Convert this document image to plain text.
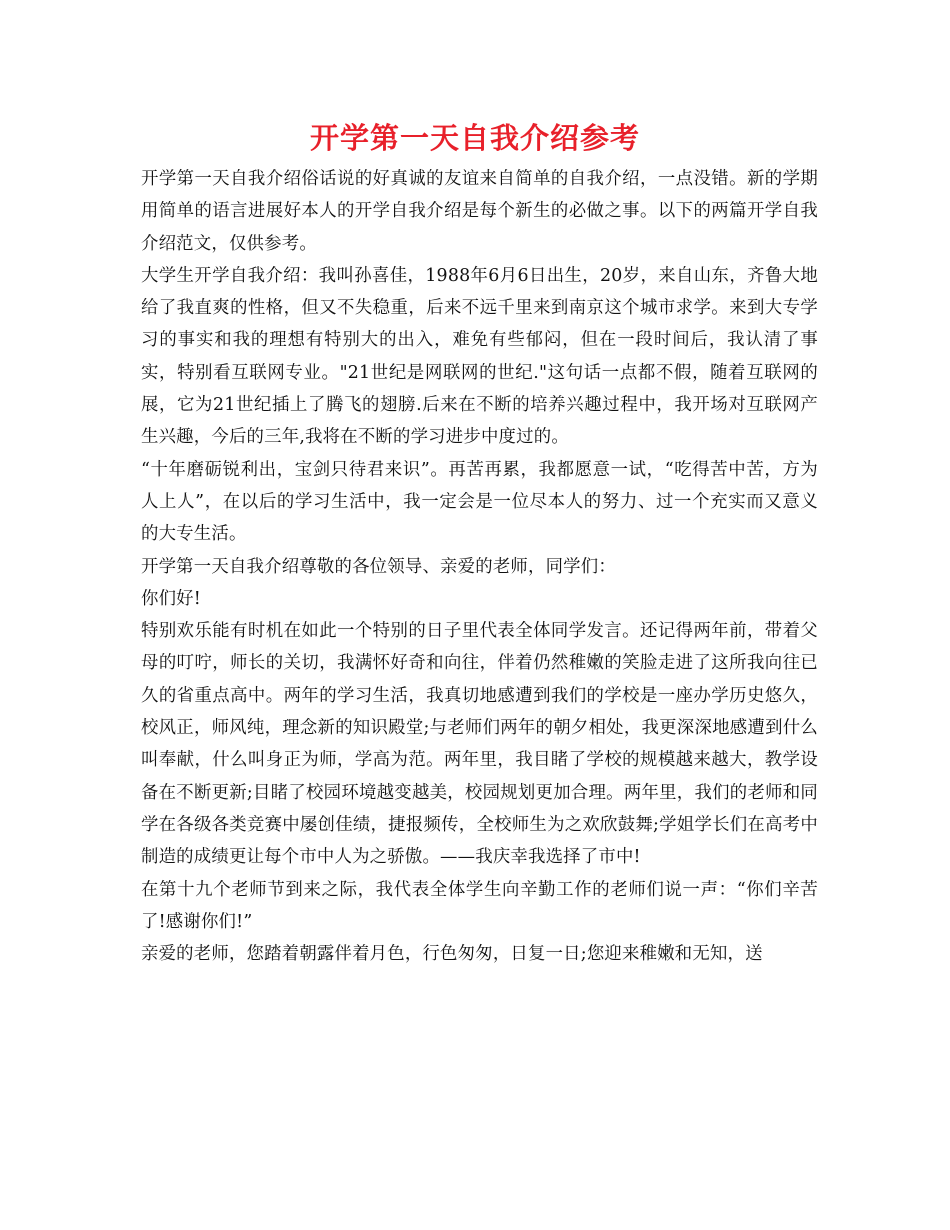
开学第一天自我介绍参考

开学第一天自我介绍俗话说的好真诚的友谊来自简单的自我介绍，一点没错。新的学期用简单的语言进展好本人的开学自我介绍是每个新生的必做之事。以下的两篇开学自我介绍范文，仅供参考。

大学生开学自我介绍：我叫孙喜佳，1988年6月6日出生，20岁，来自山东，齐鲁大地给了我直爽的性格，但又不失稳重，后来不远千里来到南京这个城市求学。来到大专学习的事实和我的理想有特别大的出入，难免有些郁闷，但在一段时间后，我认清了事实，特别看互联网专业。"21世纪是网联网的世纪."这句话一点都不假，随着互联网的展，它为21世纪插上了腾飞的翅膀.后来在不断的培养兴趣过程中，我开场对互联网产生兴趣，今后的三年,我将在不断的学习进步中度过的。

“十年磨砺锐利出，宝剑只待君来识”。再苦再累，我都愿意一试，“吃得苦中苦，方为人上人”，在以后的学习生活中，我一定会是一位尽本人的努力、过一个充实而又意义的大专生活。

开学第一天自我介绍尊敬的各位领导、亲爱的老师，同学们：

你们好!

特别欢乐能有时机在如此一个特别的日子里代表全体同学发言。还记得两年前，带着父母的叮咛，师长的关切，我满怀好奇和向往，伴着仍然稚嫩的笑脸走进了这所我向往已久的省重点高中。两年的学习生活，我真切地感遭到我们的学校是一座办学历史悠久，校风正，师风纯，理念新的知识殿堂;与老师们两年的朝夕相处，我更深深地感遭到什么叫奉献，什么叫身正为师，学高为范。两年里，我目睹了学校的规模越来越大，教学设备在不断更新;目睹了校园环境越变越美，校园规划更加合理。两年里，我们的老师和同学在各级各类竞赛中屡创佳绩，捷报频传，全校师生为之欢欣鼓舞;学姐学长们在高考中制造的成绩更让每个市中人为之骄傲。——我庆幸我选择了市中!

在第十九个老师节到来之际，我代表全体学生向辛勤工作的老师们说一声：“你们辛苦了!感谢你们!”

亲爱的老师，您踏着朝露伴着月色，行色匆匆，日复一日;您迎来稚嫩和无知，送
